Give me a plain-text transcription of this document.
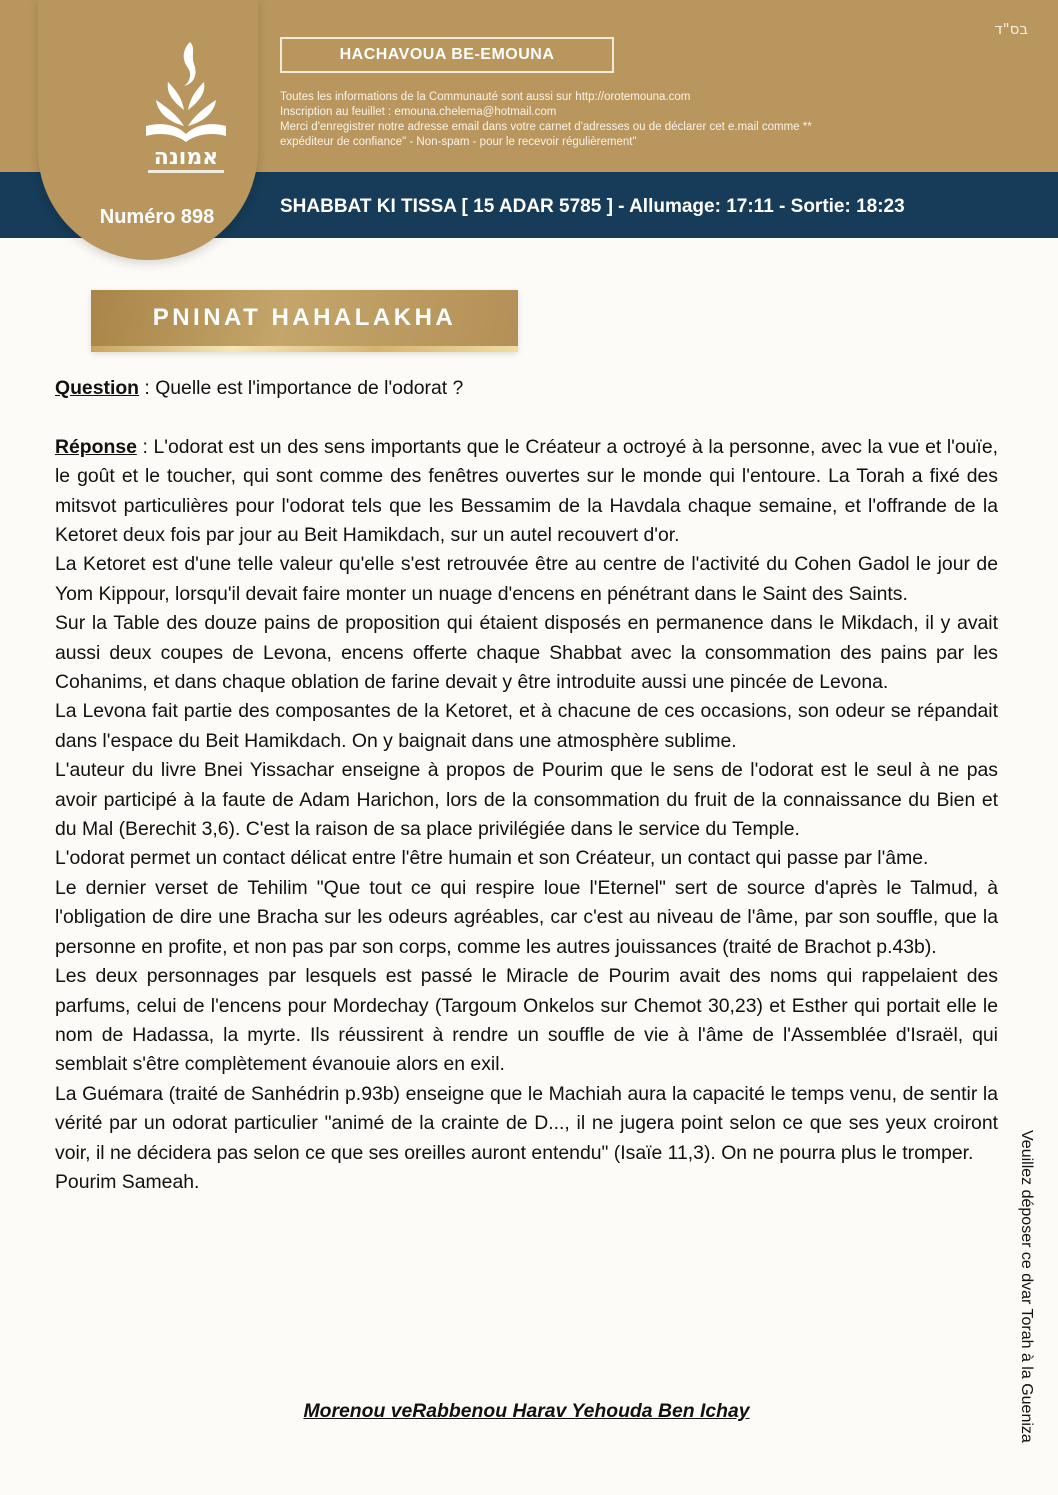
אמונה
Numéro 898
בס"ד
HACHAVOUA BE-EMOUNA
Toutes les informations de la Communauté sont aussi sur http://orotemouna.com
Inscription au feuillet : emouna.chelema@hotmail.com
Merci d'enregistrer notre adresse email dans votre carnet d'adresses ou de déclarer cet e.mail comme **
expéditeur de confiance" - Non-spam - pour le recevoir régulièrement"
SHABBAT KI TISSA [ 15 ADAR 5785 ] - Allumage: 17:11 - Sortie: 18:23
PNINAT HAHALAKHA

Question : Quelle est l'importance de l'odorat ?

Réponse : L'odorat est un des sens importants que le Créateur a octroyé à la personne, avec la vue et l'ouïe, le goût et le toucher, qui sont comme des fenêtres ouvertes sur le monde qui l'entoure. La Torah a fixé des mitsvot particulières pour l'odorat tels que les Bessamim de la Havdala chaque semaine, et l'offrande de la Ketoret deux fois par jour au Beit Hamikdach, sur un autel recouvert d'or.

La Ketoret est d'une telle valeur qu'elle s'est retrouvée être au centre de l'activité du Cohen Gadol le jour de Yom Kippour, lorsqu'il devait faire monter un nuage d'encens en pénétrant dans le Saint des Saints.

Sur la Table des douze pains de proposition qui étaient disposés en permanence dans le Mikdach, il y avait aussi deux coupes de Levona, encens offerte chaque Shabbat avec la consommation des pains par les Cohanims, et dans chaque oblation de farine devait y être introduite aussi une pincée de Levona.

La Levona fait partie des composantes de la Ketoret, et à chacune de ces occasions, son odeur se répandait dans l'espace du Beit Hamikdach. On y baignait dans une atmosphère sublime.

L'auteur du livre Bnei Yissachar enseigne à propos de Pourim que le sens de l'odorat est le seul à ne pas avoir participé à la faute de Adam Harichon, lors de la consommation du fruit de la connaissance du Bien et du Mal (Berechit 3,6). C'est la raison de sa place privilégiée dans le service du Temple.

L'odorat permet un contact délicat entre l'être humain et son Créateur, un contact qui passe par l'âme.

Le dernier verset de Tehilim "Que tout ce qui respire loue l'Eternel" sert de source d'après le Talmud, à l'obligation de dire une Bracha sur les odeurs agréables, car c'est au niveau de l'âme, par son souffle, que la personne en profite, et non pas par son corps, comme les autres jouissances (traité de Brachot p.43b).

Les deux personnages par lesquels est passé le Miracle de Pourim avait des noms qui rappelaient des parfums, celui de l'encens pour Mordechay (Targoum Onkelos sur Chemot 30,23) et Esther qui portait elle le nom de Hadassa, la myrte. Ils réussirent à rendre un souffle de vie à l'âme de l'Assemblée d'Israël, qui semblait s'être complètement évanouie alors en exil.

La Guémara (traité de Sanhédrin p.93b) enseigne que le Machiah aura la capacité le temps venu, de sentir la vérité par un odorat particulier "animé de la crainte de D..., il ne jugera point selon ce que ses yeux croiront voir, il ne décidera pas selon ce que ses oreilles auront entendu" (Isaïe 11,3). On ne pourra plus le tromper.

Pourim Sameah.

Morenou veRabbenou Harav Yehouda Ben Ichay	Veuillez déposer ce dvar Torah à la Guenizа
